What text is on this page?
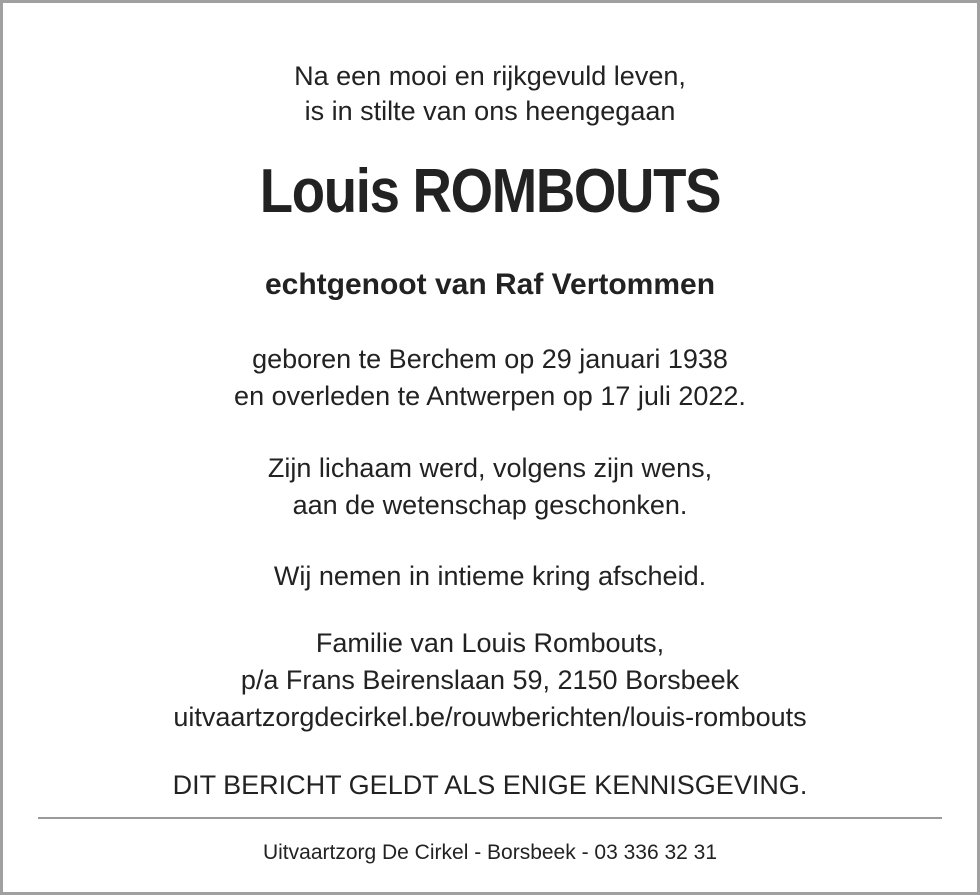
Na een mooi en rijkgevuld leven,

is in stilte van ons heengegaan

Louis ROMBOUTS

echtgenoot van Raf Vertommen

geboren te Berchem op 29 januari 1938

en overleden te Antwerpen op 17 juli 2022.

Zijn lichaam werd, volgens zijn wens,

aan de wetenschap geschonken.

Wij nemen in intieme kring afscheid.

Familie van Louis Rombouts,

p/a Frans Beirenslaan 59, 2150 Borsbeek

uitvaartzorgdecirkel.be/rouwberichten/louis-rombouts

DIT BERICHT GELDT ALS ENIGE KENNISGEVING.

Uitvaartzorg De Cirkel - Borsbeek - 03 336 32 31
